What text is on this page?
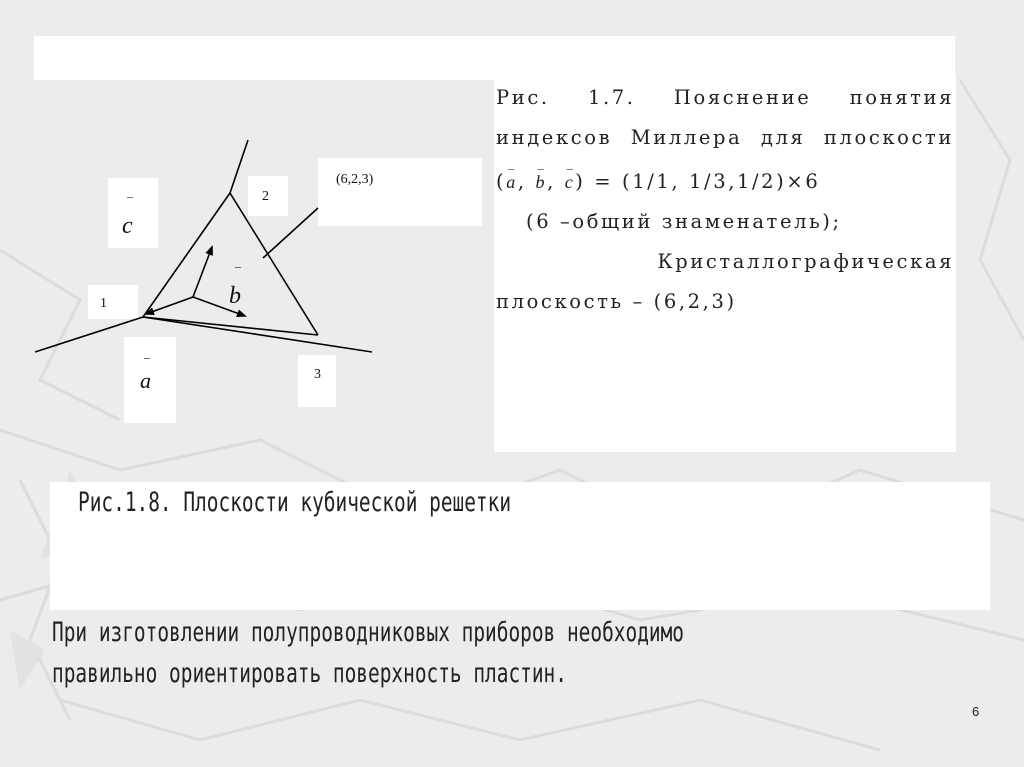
1
2
3
(6,2,3)
_
c
_
b
_
a
Рис. 1.7. Пояснение понятия
индексов Миллера для плоскости
(
_
a,
_
b,
_
c) = (1/1, 1/3,1/2)×6
(6 –общий знаменатель);
Кристаллографическая
плоскость – (6,2,3)
Рис.1.8. Плоскости кубической решетки
При изготовлении полупроводниковых приборов необходимо
правильно ориентировать поверхность пластин.
6
